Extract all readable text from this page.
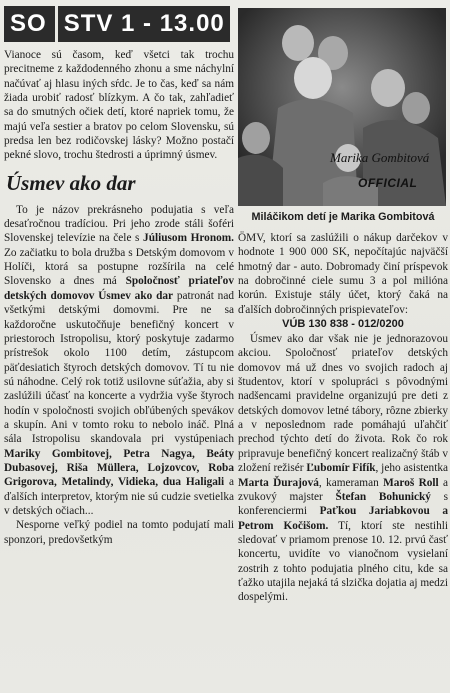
SO STV 1 - 13.00

Vianoce sú časom, keď všetci tak trochu precitneme z každodenného zhonu a sme náchylní načúvať aj hlasu iných sŕdc. Je to čas, keď sa nám žiada urobiť radosť blízkym. A čo tak, zahľadieť sa do smutných očiek detí, ktoré napriek tomu, že majú veľa sestier a bratov po celom Slovensku, sú predsa len bez rodičovskej lásky? Možno postačí pekné slovo, trochu štedrosti a úprimný úsmev.

Úsmev ako dar

To je názov prekrásneho podujatia s veľa desaťročnou tradíciou. Pri jeho zrode stáli šoféri Slovenskej televízie na čele s Júliusom Hronom. Zo začiatku to bola družba s Detským domovom v Holíči, ktorá sa postupne rozšírila na celé Slovensko a dnes má Spoločnosť priateľov detských domovov Úsmev ako dar patronát nad všetkými detskými domovmi. Pre ne sa každoročne uskutočňuje benefičný koncert v priestoroch Istropolisu, ktorý poskytuje zadarmo prístrešok okolo 1100 detím, zástupcom päťdesiatich štyroch detských domovov. Tí tu nie sú náhodne. Celý rok totiž usilovne súťažia, aby si zaslúžili účasť na koncerte a vydržia vyše štyroch hodín v spoločnosti svojich obľúbených spevákov a skupín. Ani v tomto roku to nebolo ináč. Plná sála Istropolisu skandovala pri vystúpeniach Mariky Gombitovej, Petra Nagya, Beáty Dubasovej, Riša Müllera, Lojzovcov, Roba Grigorova, Metalindy, Vidieka, dua Haligali a ďalších interpretov, ktorým nie sú cudzie svetielka v detských očiach...

Nesporne veľký podiel na tomto podujatí mali sponzori, predovšetkým

Marika Gombitová
OFFICIAL
Miláčikom detí je Marika Gombitová

ÖMV, ktorí sa zaslúžili o nákup darčekov v hodnote 1 900 000 SK, nepočítajúc najväčší hmotný dar - auto. Dobromady činí príspevok na dobročinné ciele sumu 3 a pol milióna korún. Existuje stály účet, ktorý čaká na ďalších dobročinných prispievateľov:

VÚB 130 838 - 012/0200

Úsmev ako dar však nie je jednorazovou akciou. Spoločnosť priateľov detských domovov má už dnes vo svojich radoch aj študentov, ktorí v spolupráci s pôvodnými nadšencami pravidelne organizujú pre deti z detských domovov letné tábory, rôzne zbierky a v neposlednom rade pomáhajú uľahčiť prechod týchto detí do života. Rok čo rok pripravuje benefičný koncert realizačný štáb v zložení režisér Ľubomír Fifík, jeho asistentka Marta Ďurajová, kameraman Maroš Roll a zvukový majster Štefan Bohunický s konferenciermi Paťkou Jariabkovou a Petrom Kočišom. Tí, ktorí ste nestihli sledovať v priamom prenose 10. 12. prvú časť koncertu, uvidíte vo vianočnom vysielaní zostrih z tohto podujatia plného citu, kde sa ťažko utajila nejaká tá slzička dojatia aj medzi dospelými.
